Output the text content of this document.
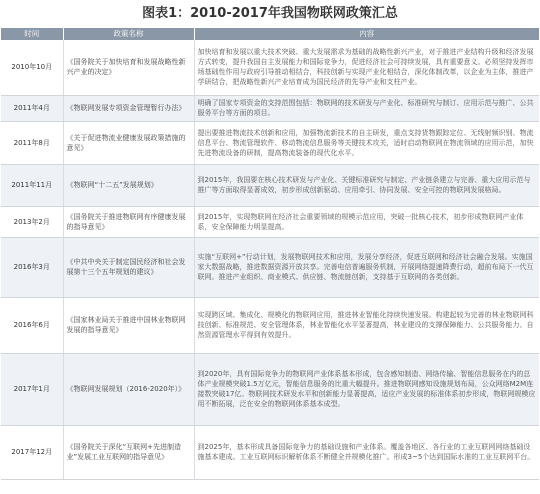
图表1：2010-2017年我国物联网政策汇总
时间	政策名称	内容
2010年10月	《国务院关于加快培育和发展战略性新兴产业的决定》	加快培育和发展以重大技术突破、重大发展需求为基础的战略性新兴产业，对于推进产业结构升级和经济发展方式转变，提升我国自主发展能力和国际竞争力，促进经济社会可持续发展，具有重要意义。必须坚持发挥市场基础性作用与政府引导推动相结合，科技创新与实现产业化相结合，深化体制改革，以企业为主体，推进产学研结合，把战略性新兴产业培育成为国民经济的先导产业和支柱产业。
2011年4月	《物联网发展专项资金管理暂行办法》	明确了国家专项资金的支持范围包括：物联网的技术研发与产业化、标准研究与制订、应用示范与推广、公共服务平台等方面的项目。
2011年8月	《关于促进物流业健康发展政策措施的意见》	提出要推进物流技术创新和应用，加强物流新技术的自主研发，重点支持货物跟踪定位、无线射频识别、物流信息平台、物流管理软件、移动物流信息服务等关键技术攻关，适时启动物联网在物流领域的应用示范，加快先进物流设备的研制，提高物流装备的现代化水平。
2011年11月	《物联网“十二五”发展规划》	到2015年，我国要在核心技术研发与产业化、关键标准研究与制定、产业链条建立与完善、重大应用示范与推广等方面取得显著成效，初步形成创新驱动、应用牵引、协同发展、安全可控的物联网发展格局。
2013年2月	《国务院关于推进物联网有序健康发展的指导意见》	到2015年，实现物联网在经济社会重要领域的规模示范应用，突破一批核心技术，初步形成物联网产业体系，安全保障能力明显提高。
2016年3月	《中共中央关于制定国民经济和社会发展第十三个五年规划的建议》	实施“互联网+”行动计划，发展物联网技术和应用，发展分享经济，促进互联网和经济社会融合发展。实施国家大数据战略，推进数据资源开放共享。完善电信普遍服务机制，开展网络提速降费行动，超前布局下一代互联网。推进产业组织、商业模式、供应链、物流链创新，支持基于互联网的各类创新。
2016年6月	《国家林业局关于推进中国林业物联网发展的指导意见》	实现跨区域、集成化、规模化的物联网应用，推进林业智能化持续快速发展。构建起较为完善的林业物联网科技创新、标准规范、安全管理体系，林业智能化水平显著提高，林业建设的支撑保障能力、公共服务能力、自然资源管理水平得到有效提升。
2017年1月	《物联网发展规划（2016-2020年）》	到2020年，具有国际竞争力的物联网产业体系基本形成，包含感知制造、网络传输、智能信息服务在内的总体产业规模突破1.5万亿元，智能信息服务的比重大幅提升。推进物联网感知设施规划布局，公众网络M2M连接数突破17亿。物联网技术研发水平和创新能力显著提高，适应产业发展的标准体系初步形成，物联网规模应用不断拓展，泛在安全的物联网体系基本成型。
2017年12月	《国务院关于深化“互联网+先进制造业”发展工业互联网的指导意见》	到2025年，基本形成具备国际竞争力的基础设施和产业体系。覆盖各地区、各行业的工业互联网网络基础设施基本建成。工业互联网标识解析体系不断健全并规模化推广。形成3~5个达到国际水准的工业互联网平台。
